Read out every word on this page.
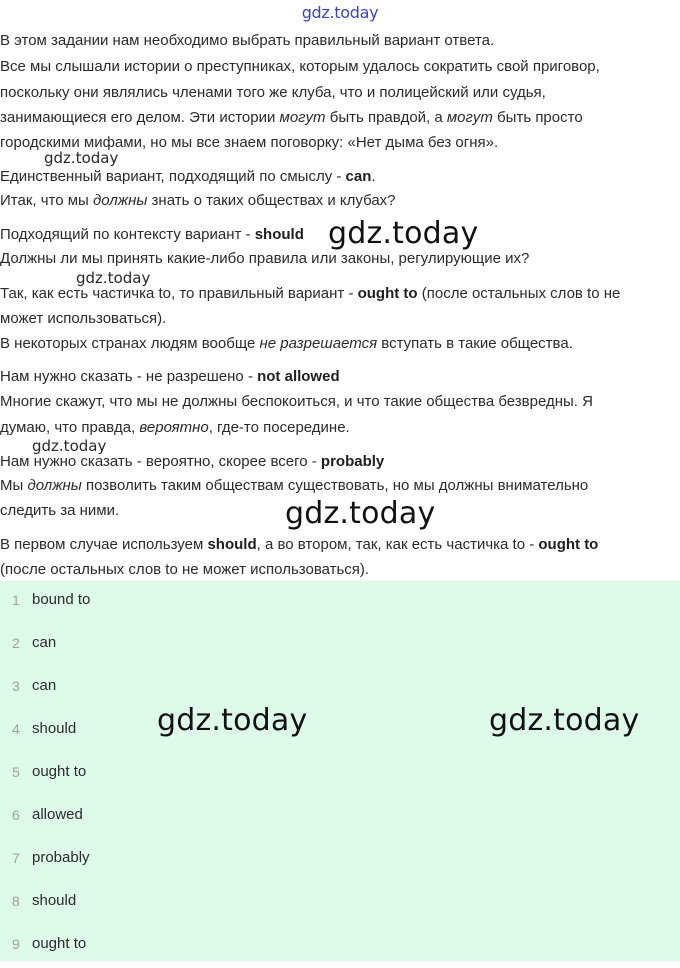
gdz.today
В этом задании нам необходимо выбрать правильный вариант ответа.
Все мы слышали истории о преступниках, которым удалось сократить свой приговор,
поскольку они являлись членами того же клуба, что и полицейский или судья,
занимающиеся его делом. Эти истории могут быть правдой, а могут быть просто
городскими мифами, но мы все знаем поговорку: «Нет дыма без огня».
Единственный вариант, подходящий по смыслу - can.
Итак, что мы должны знать о таких обществах и клубах?
Подходящий по контексту вариант - should
Должны ли мы принять какие-либо правила или законы, регулирующие их?
Так, как есть частичка to, то правильный вариант - ought to (после остальных слов to не
может использоваться).
В некоторых странах людям вообще не разрешается вступать в такие общества.
Нам нужно сказать - не разрешено - not allowed
Многие скажут, что мы не должны беспокоиться, и что такие общества безвредны. Я
думаю, что правда, вероятно, где-то посередине.
Нам нужно сказать - вероятно, скорее всего - probably
Мы должны позволить таким обществам существовать, но мы должны внимательно
следить за ними.
В первом случае используем should, а во втором, так, как есть частичка to - ought to
(после остальных слов to не может использоваться).
1 bound to
2 can
3 can
4 should
5 ought to
6 allowed
7 probably
8 should
9 ought to
gdz.today
gdz.today
gdz.today
gdz.today
gdz.today
gdz.today	gdz.today
